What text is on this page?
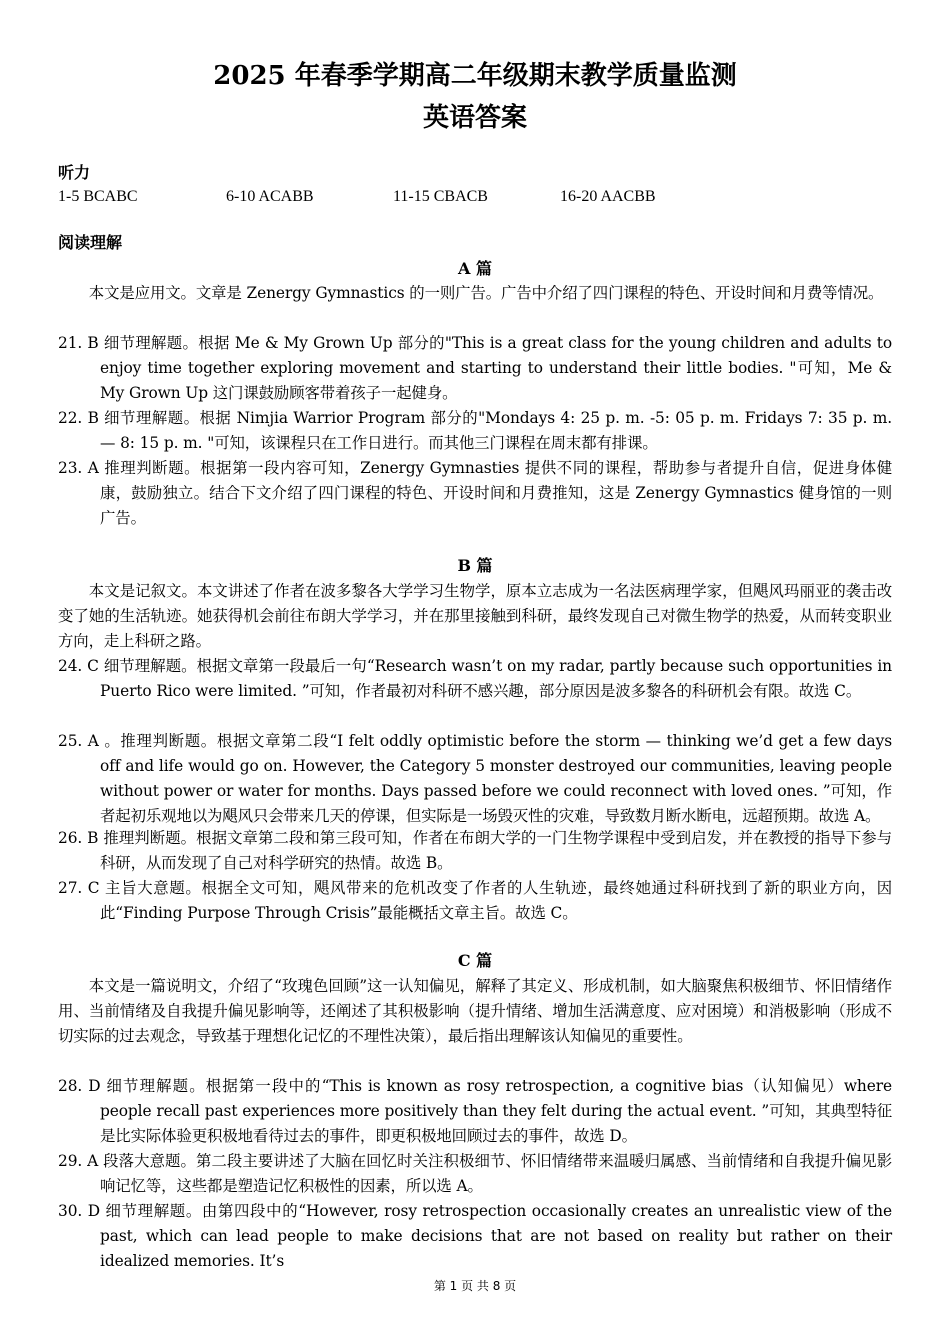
2025 年春季学期高二年级期末教学质量监测
英语答案
听力
1-5 BCABC	6-10 ACABB	11-15 CBACB	16-20 AACBB
阅读理解
A 篇
本文是应用文。文章是 Zenergy Gymnastics 的一则广告。广告中介绍了四门课程的特色、开设时间和月费等情况。
21. B 细节理解题。根据 Me & My Grown Up 部分的"This is a great class for the young children and adults to enjoy time together exploring movement and starting to understand their little bodies. "可知，Me & My Grown Up 这门课鼓励顾客带着孩子一起健身。
22. B 细节理解题。根据 Nimjia Warrior Program 部分的"Mondays 4: 25 p. m. -5: 05 p. m. Fridays 7: 35 p. m. — 8: 15 p. m. "可知，该课程只在工作日进行。而其他三门课程在周末都有排课。
23. A 推理判断题。根据第一段内容可知，Zenergy Gymnasties 提供不同的课程，帮助参与者提升自信，促进身体健康，鼓励独立。结合下文介绍了四门课程的特色、开设时间和月费推知，这是 Zenergy Gymnastics 健身馆的一则广告。
B 篇
本文是记叙文。本文讲述了作者在波多黎各大学学习生物学，原本立志成为一名法医病理学家，但飓风玛丽亚的袭击改变了她的生活轨迹。她获得机会前往布朗大学学习，并在那里接触到科研，最终发现自己对微生物学的热爱，从而转变职业方向，走上科研之路。
24. C 细节理解题。根据文章第一段最后一句“Research wasn’t on my radar, partly because such opportunities in Puerto Rico were limited. ”可知，作者最初对科研不感兴趣，部分原因是波多黎各的科研机会有限。故选 C。
25. A 。推理判断题。根据文章第二段“I felt oddly optimistic before the storm — thinking we’d get a few days off and life would go on. However, the Category 5 monster destroyed our communities, leaving people without power or water for months. Days passed before we could reconnect with loved ones. ”可知，作者起初乐观地以为飓风只会带来几天的停课，但实际是一场毁灭性的灾难，导致数月断水断电，远超预期。故选 A。
26. B 推理判断题。根据文章第二段和第三段可知，作者在布朗大学的一门生物学课程中受到启发，并在教授的指导下参与科研，从而发现了自己对科学研究的热情。故选 B。
27. C 主旨大意题。根据全文可知，飓风带来的危机改变了作者的人生轨迹，最终她通过科研找到了新的职业方向，因此“Finding Purpose Through Crisis”最能概括文章主旨。故选 C。
C 篇
本文是一篇说明文，介绍了“玫瑰色回顾”这一认知偏见，解释了其定义、形成机制，如大脑聚焦积极细节、怀旧情绪作用、当前情绪及自我提升偏见影响等，还阐述了其积极影响（提升情绪、增加生活满意度、应对困境）和消极影响（形成不切实际的过去观念，导致基于理想化记忆的不理性决策），最后指出理解该认知偏见的重要性。
28. D 细节理解题。根据第一段中的“This is known as rosy retrospection, a cognitive bias（认知偏见）where people recall past experiences more positively than they felt during the actual event. ”可知，其典型特征是比实际体验更积极地看待过去的事件，即更积极地回顾过去的事件，故选 D。
29. A 段落大意题。第二段主要讲述了大脑在回忆时关注积极细节、怀旧情绪带来温暖归属感、当前情绪和自我提升偏见影响记忆等，这些都是塑造记忆积极性的因素，所以选 A。
30. D 细节理解题。由第四段中的“However, rosy retrospection occasionally creates an unrealistic view of the past, which can lead people to make decisions that are not based on reality but rather on their idealized memories. It’s
第 1 页 共 8 页
